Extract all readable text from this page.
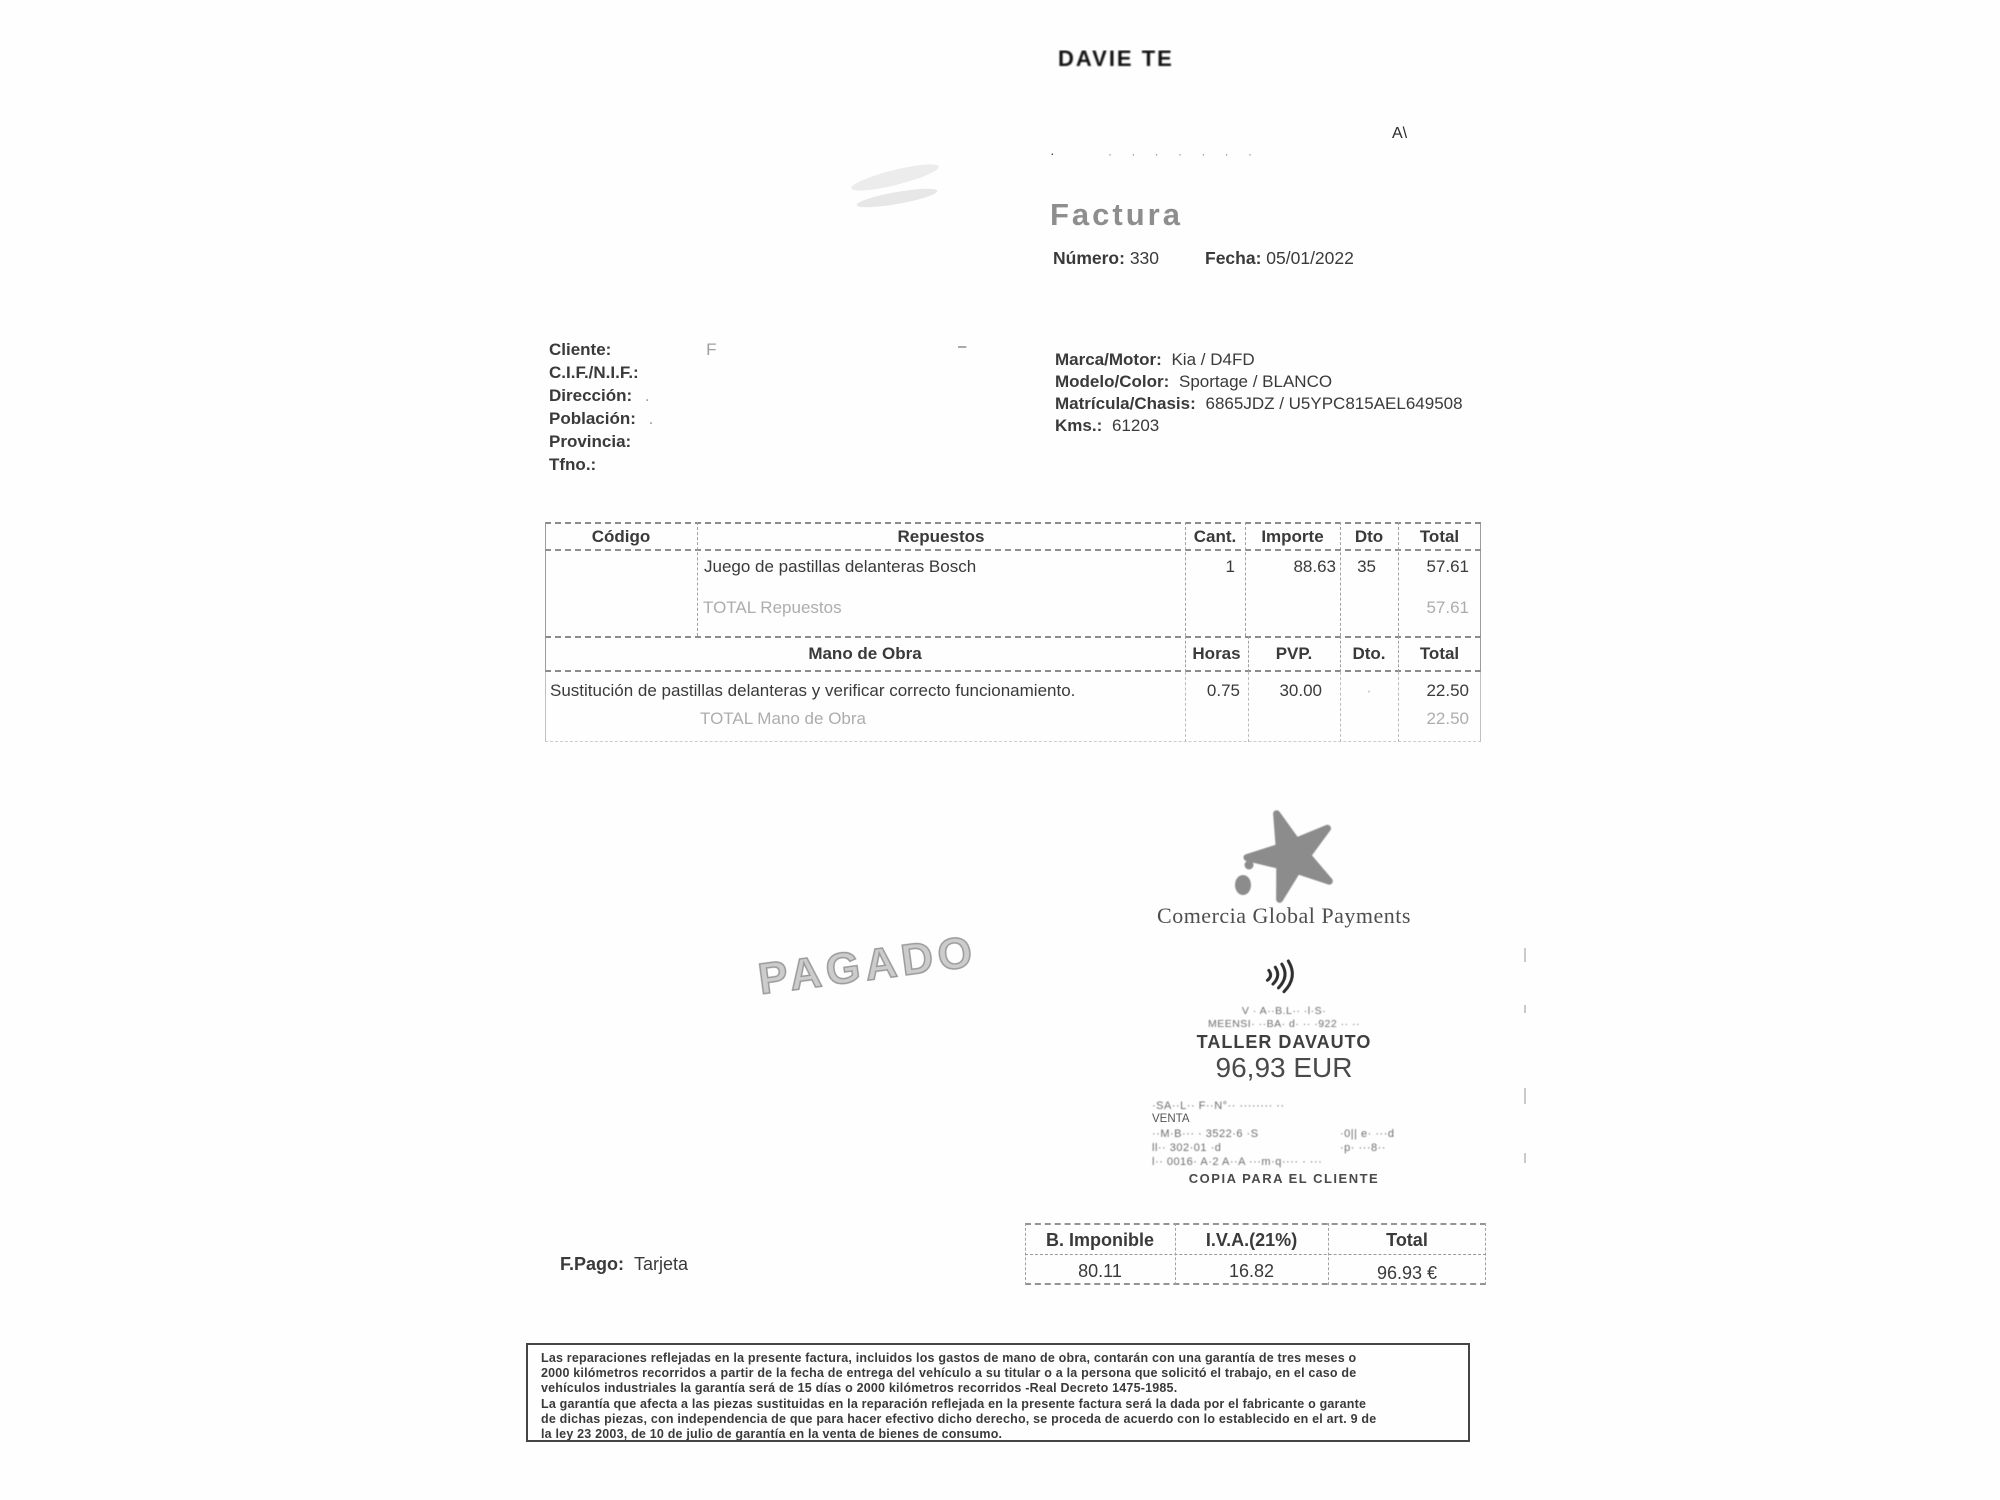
DAVIE TE
·
A\
· · · · · · ·
–
Factura
Número: 330	Fecha: 05/01/2022
Cliente:	F
C.I.F./N.I.F.:
Dirección: .
Población: .
Provincia:
Tfno.:
Marca/Motor: Kia / D4FD
Modelo/Color: Sportage / BLANCO
Matrícula/Chasis: 6865JDZ / U5YPC815AEL649508
Kms.: 61203
Código	Repuestos	Cant.	Importe	Dto	Total
Juego de pastillas delanteras Bosch	1	88.63	35	57.61
TOTAL Repuestos	57.61
Mano de Obra	Horas	PVP.	Dto.	Total
Sustitución de pastillas delanteras y verificar correcto funcionamiento.	0.75	30.00	·	22.50
TOTAL Mano de Obra	22.50
PAGADO
Comercia Global Payments
V · A··B.L·· ·l·S·
MEENSI· ··BA· d· ·· ·922 ·· ··
TALLER DAVAUTO
96,93 EUR
·SA··L·· F··N°·· ········ ··
VENTA
··M·B··· · 3522·6 ·S	·0|| e· ···d
ll·· 302·01 ·d	·p· ···8··
l·· 0016· A·2 A··A ···m·q···· · ···
COPIA PARA EL CLIENTE
B. Imponible	I.V.A.(21%)	Total
80.11	16.82	96.93 €
F.Pago: Tarjeta
Las reparaciones reflejadas en la presente factura, incluidos los gastos de mano de obra, contarán con una garantía de tres meses o
2000 kilómetros recorridos a partir de la fecha de entrega del vehículo a su titular o a la persona que solicitó el trabajo, en el caso de
vehículos industriales la garantía será de 15 días o 2000 kilómetros recorridos -Real Decreto 1475-1985.
La garantía que afecta a las piezas sustituidas en la reparación reflejada en la presente factura será la dada por el fabricante o garante
de dichas piezas, con independencia de que para hacer efectivo dicho derecho, se proceda de acuerdo con lo establecido en el art. 9 de
la ley 23 2003, de 10 de julio de garantía en la venta de bienes de consumo.
